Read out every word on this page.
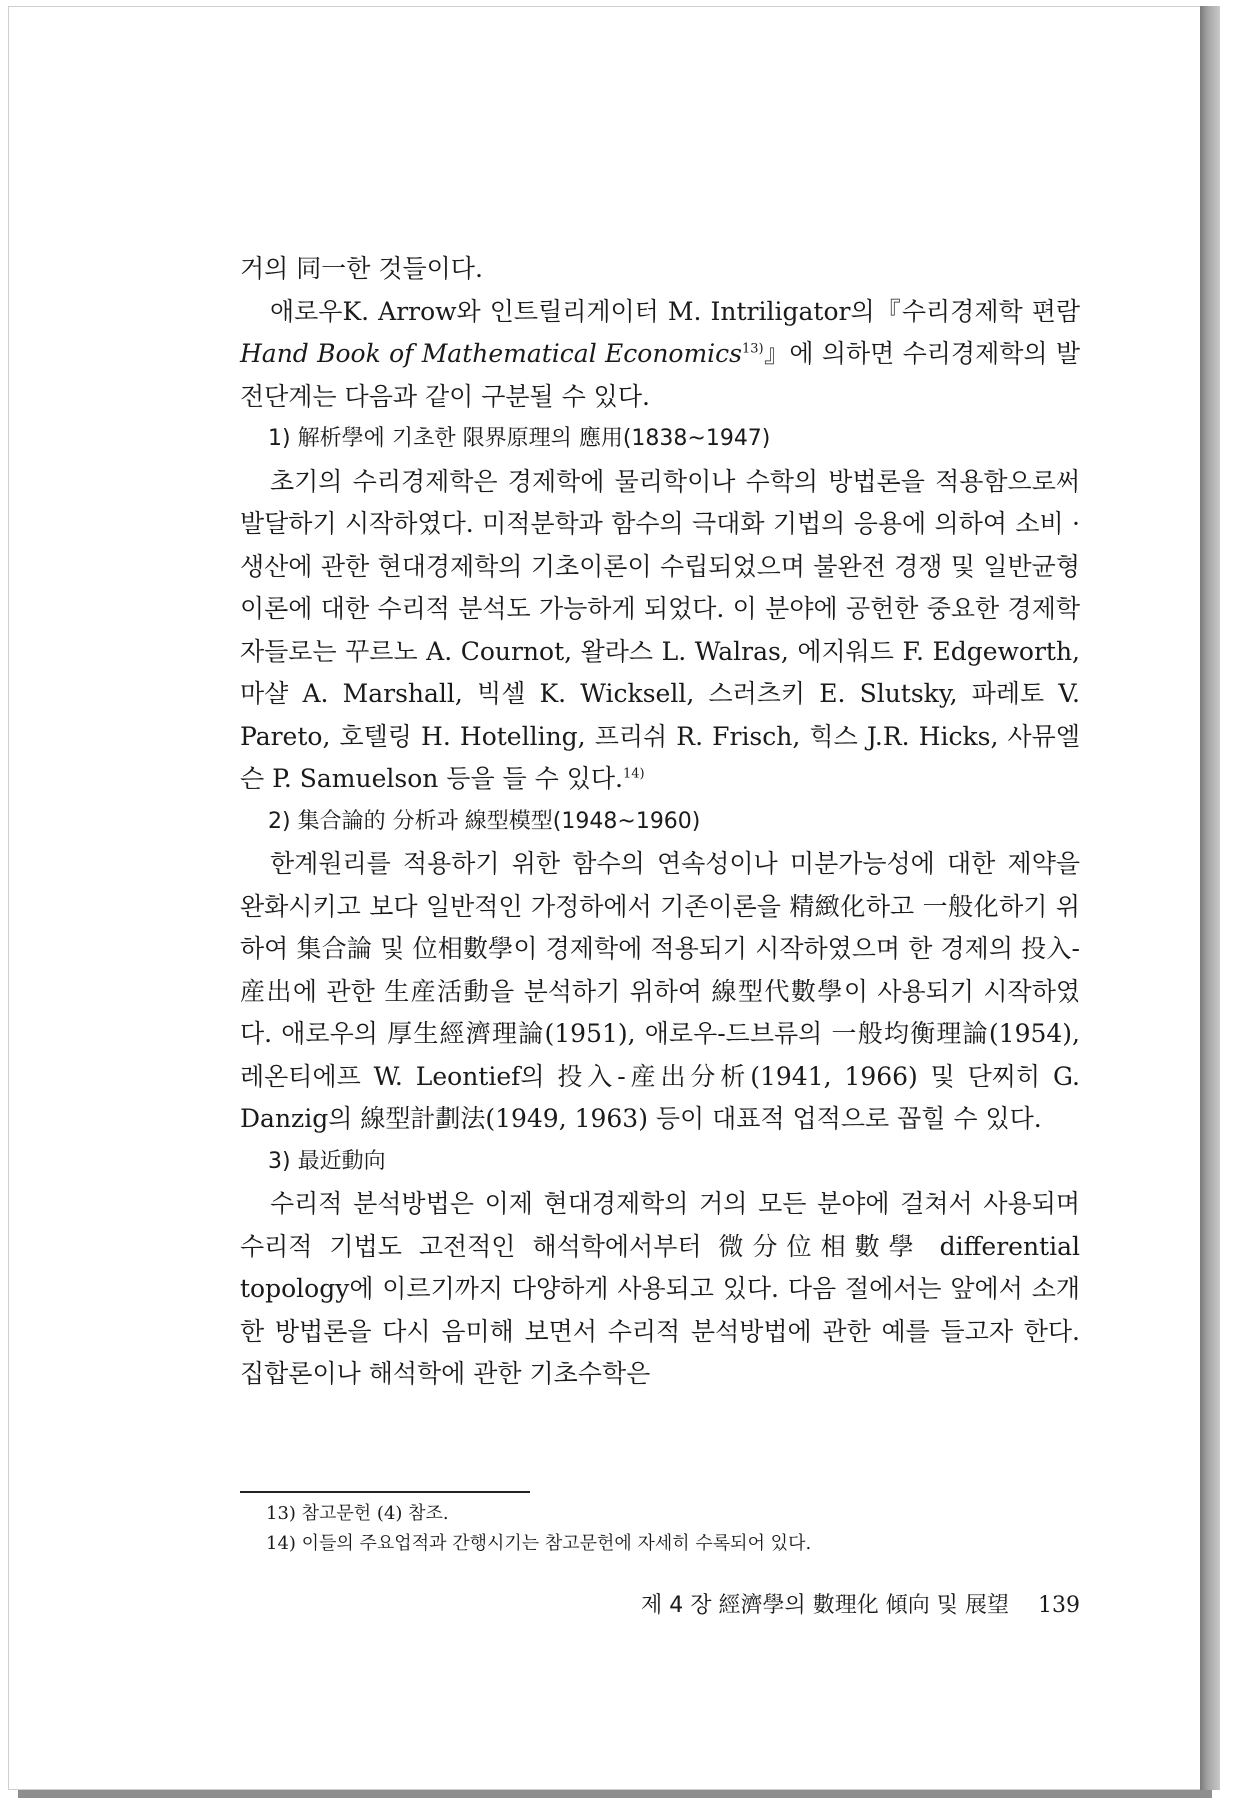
거의 同一한 것들이다.

애로우K. Arrow와 인트릴리게이터 M. Intriligator의『수리경제학 편람 Hand Book of Mathematical Economics$^{13)}$』에 의하면 수리경제학의 발전단계는 다음과 같이 구분될 수 있다.

1) 解析學에 기초한 限界原理의 應用(1838~1947)

초기의 수리경제학은 경제학에 물리학이나 수학의 방법론을 적용함으로써 발달하기 시작하였다. 미적분학과 함수의 극대화 기법의 응용에 의하여 소비 · 생산에 관한 현대경제학의 기초이론이 수립되었으며 불완전 경쟁 및 일반균형이론에 대한 수리적 분석도 가능하게 되었다. 이 분야에 공헌한 중요한 경제학자들로는 꾸르노 A. Cournot, 왈라스 L. Walras, 에지워드 F. Edgeworth, 마샬 A. Marshall, 빅셀 K. Wicksell, 스러츠키 E. Slutsky, 파레토 V. Pareto, 호텔링 H. Hotelling, 프리쉬 R. Frisch, 힉스 J.R. Hicks, 사뮤엘슨 P. Samuelson 등을 들 수 있다.$^{14)}$

2) 集合論的 分析과 線型模型(1948~1960)

한계원리를 적용하기 위한 함수의 연속성이나 미분가능성에 대한 제약을 완화시키고 보다 일반적인 가정하에서 기존이론을 精緻化하고 一般化하기 위하여 集合論 및 位相數學이 경제학에 적용되기 시작하였으며 한 경제의 投入-産出에 관한 生産活動을 분석하기 위하여 線型代數學이 사용되기 시작하였다. 애로우의 厚生經濟理論(1951), 애로우-드브류의 一般均衡理論(1954), 레온티에프 W. Leontief의 投入-産出分析(1941, 1966) 및 단찌히 G. Danzig의 線型計劃法(1949, 1963) 등이 대표적 업적으로 꼽힐 수 있다.

3) 最近動向

수리적 분석방법은 이제 현대경제학의 거의 모든 분야에 걸쳐서 사용되며 수리적 기법도 고전적인 해석학에서부터 微分位相數學 differential topology에 이르기까지 다양하게 사용되고 있다. 다음 절에서는 앞에서 소개한 방법론을 다시 음미해 보면서 수리적 분석방법에 관한 예를 들고자 한다. 집합론이나 해석학에 관한 기초수학은

13) 참고문헌 (4) 참조.

14) 이들의 주요업적과 간행시기는 참고문헌에 자세히 수록되어 있다.

제 4 장 經濟學의 數理化 傾向 및 展望 139
